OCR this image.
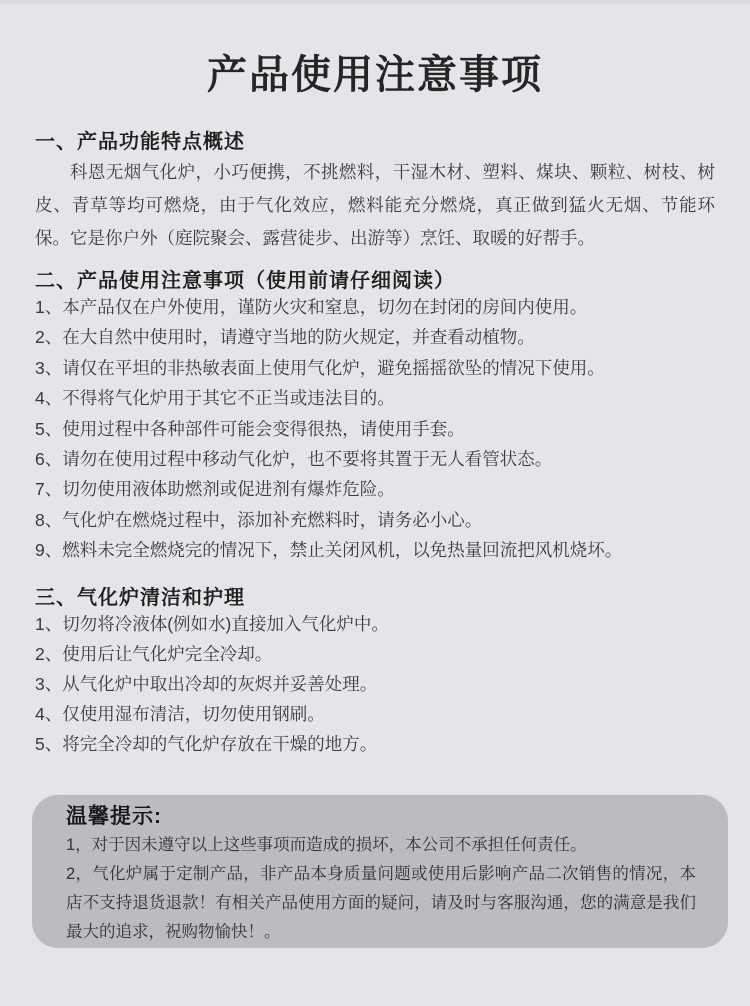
产品使用注意事项
一、产品功能特点概述

科恩无烟气化炉，小巧便携，不挑燃料，干湿木材、塑料、煤块、颗粒、树枝、树皮、青草等均可燃烧，由于气化效应，燃料能充分燃烧，真正做到猛火无烟、节能环保。它是你户外（庭院聚会、露营徒步、出游等）烹饪、取暖的好帮手。

二、产品使用注意事项（使用前请仔细阅读）
1、本产品仅在户外使用，谨防火灾和窒息，切勿在封闭的房间内使用。
2、在大自然中使用时，请遵守当地的防火规定，并查看动植物。
3、请仅在平坦的非热敏表面上使用气化炉，避免摇摇欲坠的情况下使用。
4、不得将气化炉用于其它不正当或违法目的。
5、使用过程中各种部件可能会变得很热，请使用手套。
6、请勿在使用过程中移动气化炉，也不要将其置于无人看管状态。
7、切勿使用液体助燃剂或促进剂有爆炸危险。
8、气化炉在燃烧过程中，添加补充燃料时，请务必小心。
9、燃料未完全燃烧完的情况下，禁止关闭风机，以免热量回流把风机烧坏。
三、气化炉清洁和护理
1、切勿将冷液体(例如水)直接加入气化炉中。
2、使用后让气化炉完全冷却。
3、从气化炉中取出冷却的灰烬并妥善处理。
4、仅使用湿布清洁，切勿使用钢刷。
5、将完全冷却的气化炉存放在干燥的地方。
温馨提示:

1，对于因未遵守以上这些事项而造成的损坏，本公司不承担任何责任。

2，气化炉属于定制产品，非产品本身质量问题或使用后影响产品二次销售的情况，本店不支持退货退款！有相关产品使用方面的疑问，请及时与客服沟通，您的满意是我们最大的追求，祝购物愉快！。
